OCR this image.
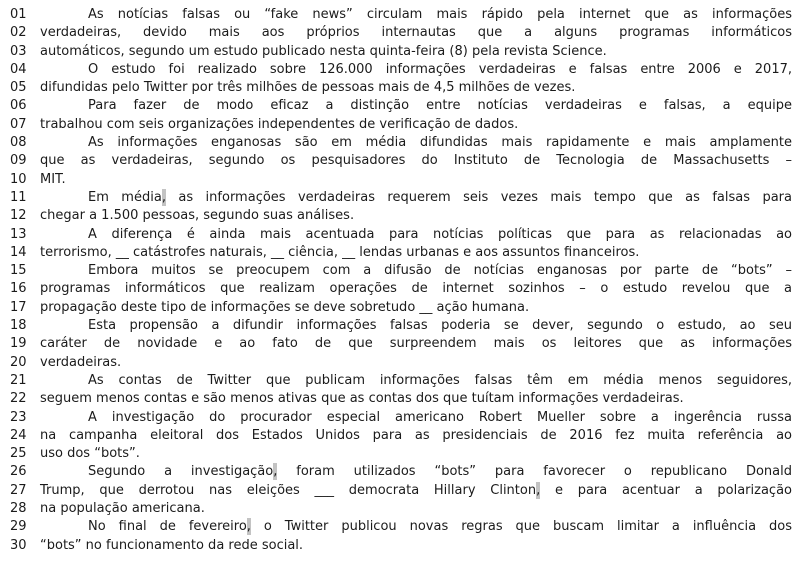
01	As notícias falsas ou “fake news” circulam mais rápido pela internet que as informações
02	verdadeiras, devido mais aos próprios internautas que a alguns programas informáticos
03	automáticos, segundo um estudo publicado nesta quinta-feira (8) pela revista Science.
04	O estudo foi realizado sobre 126.000 informações verdadeiras e falsas entre 2006 e 2017,
05	difundidas pelo Twitter por três milhões de pessoas mais de 4,5 milhões de vezes.
06	Para fazer de modo eficaz a distinção entre notícias verdadeiras e falsas, a equipe
07	trabalhou com seis organizações independentes de verificação de dados.
08	As informações enganosas são em média difundidas mais rapidamente e mais amplamente
09	que as verdadeiras, segundo os pesquisadores do Instituto de Tecnologia de Massachusetts –
10	MIT.
11	Em média, as informações verdadeiras requerem seis vezes mais tempo que as falsas para
12	chegar a 1.500 pessoas, segundo suas análises.
13	A diferença é ainda mais acentuada para notícias políticas que para as relacionadas ao
14	terrorismo, __ catástrofes naturais, __ ciência, __ lendas urbanas e aos assuntos financeiros.
15	Embora muitos se preocupem com a difusão de notícias enganosas por parte de “bots” –
16	programas informáticos que realizam operações de internet sozinhos – o estudo revelou que a
17	propagação deste tipo de informações se deve sobretudo __ ação humana.
18	Esta propensão a difundir informações falsas poderia se dever, segundo o estudo, ao seu
19	caráter de novidade e ao fato de que surpreendem mais os leitores que as informações
20	verdadeiras.
21	As contas de Twitter que publicam informações falsas têm em média menos seguidores,
22	seguem menos contas e são menos ativas que as contas dos que tuítam informações verdadeiras.
23	A investigação do procurador especial americano Robert Mueller sobre a ingerência russa
24	na campanha eleitoral dos Estados Unidos para as presidenciais de 2016 fez muita referência ao
25	uso dos “bots”.
26	Segundo a investigação, foram utilizados “bots” para favorecer o republicano Donald
27	Trump, que derrotou nas eleições ___ democrata Hillary Clinton, e para acentuar a polarização
28	na população americana.
29	No final de fevereiro, o Twitter publicou novas regras que buscam limitar a influência dos
30	“bots” no funcionamento da rede social.
